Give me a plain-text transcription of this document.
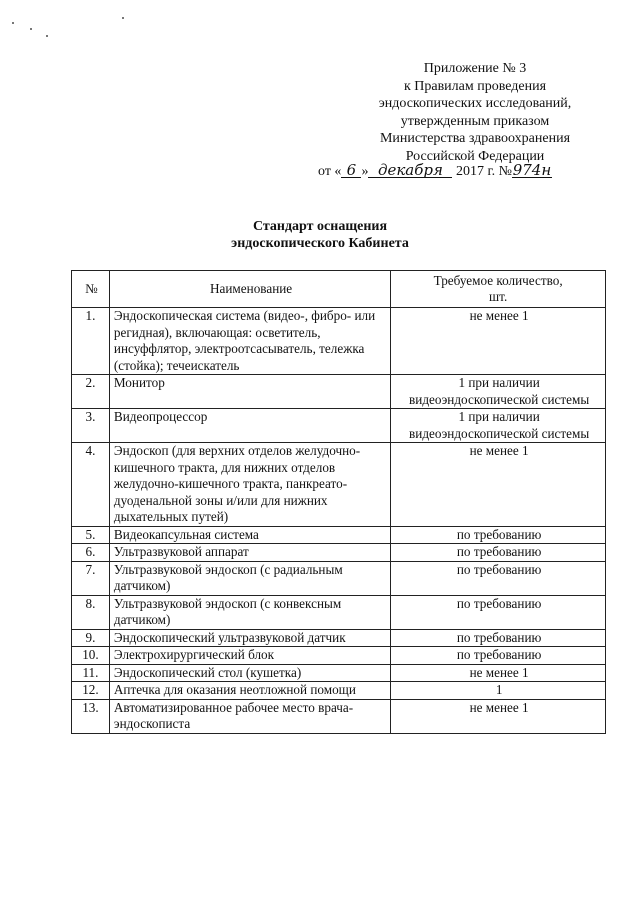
Приложение № 3
к Правилам проведения
эндоскопических исследований,
утвержденным приказом
Министерства здравоохранения
Российской Федерации
от « 6 » декабря 2017 г. №974н
Стандарт оснащения
эндоскопического Кабинета
№	Наименование	Требуемое количество, шт.
1.	Эндоскопическая система (видео-, фибро- или регидная), включающая: осветитель, инсуффлятор, электроотсасыватель, тележка (стойка); течеискатель	не менее 1
2.	Монитор	1 при наличии видеоэндоскопической системы
3.	Видеопроцессор	1 при наличии видеоэндоскопической системы
4.	Эндоскоп (для верхних отделов желудочно-кишечного тракта, для нижних отделов желудочно-кишечного тракта, панкреато-дуоденальной зоны и/или для нижних дыхательных путей)	не менее 1
5.	Видеокапсульная система	по требованию
6.	Ультразвуковой аппарат	по требованию
7.	Ультразвуковой эндоскоп (с радиальным датчиком)	по требованию
8.	Ультразвуковой эндоскоп (с конвексным датчиком)	по требованию
9.	Эндоскопический ультразвуковой датчик	по требованию
10.	Электрохирургический блок	по требованию
11.	Эндоскопический стол (кушетка)	не менее 1
12.	Аптечка для оказания неотложной помощи	1
13.	Автоматизированное рабочее место врача-эндоскописта	не менее 1
